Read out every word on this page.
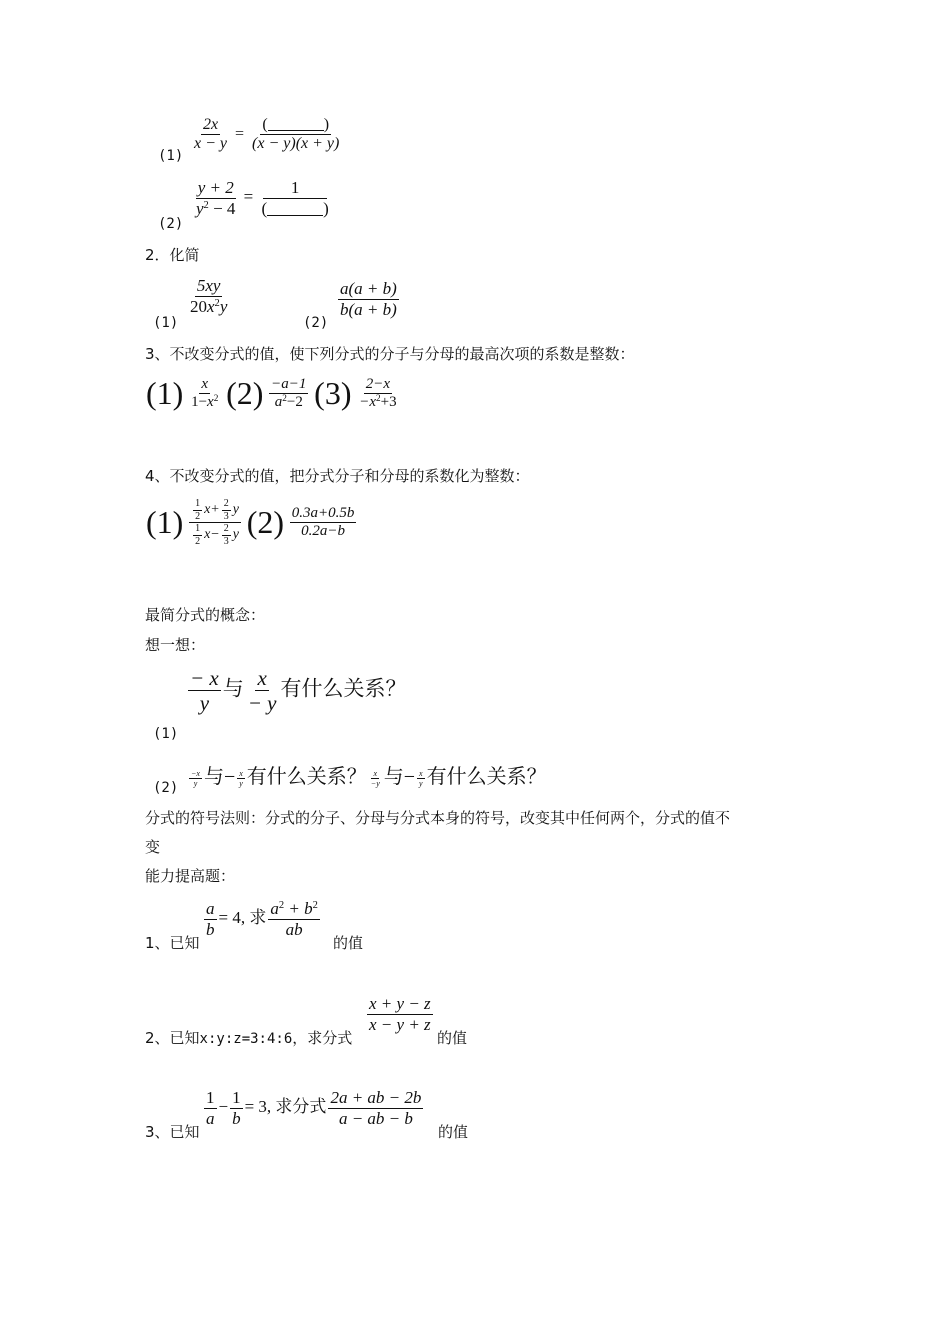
$\frac{2x}{x - y}$ = (	)
(x − y)(x + y)
(1)
$\frac{y + 2}{y^2 - 4} = 1$
(	)
(2)
2．化简
$\frac{5xy}{20x^2y}$
(1)
$\frac{a(a + b)}{b(a + b)}$
(2)
3、不改变分式的值，使下列分式的分子与分母的最高次项的系数是整数：
$(1) \frac{x}{1-x^2} (2) \frac{-a-1}{a^2-2} (3) \frac{2-x}{-x^2+3}$
4、不改变分式的值，把分式分子和分母的系数化为整数：
$(1) \frac{\frac{1}{2} x+ \frac{2}{3} y}{\frac{1}{2} x- \frac{2}{3} y} (2) \frac{0.3a+0.5b}{0.2a-b}$
最简分式的概念：
想一想：
$\frac{- x}{y}$ 与 $\frac{x}{- y}$ 有什么关系？
(1)
$(2) \frac{-x}{y}$ 与− $\frac{x}{y}$ 有什么关系？ $\frac{x}{-y}$ 与− $\frac{x}{y}$ 有什么关系？
分式的符号法则：分式的分子、分母与分式本身的符号，改变其中任何两个，分式的值不
变
能力提高题：
1、已知
$\frac{a}{b} = 4$, 求 $\frac{a^2 + b^2}{ab}$
的值
2、已知x:y:z=3:4:6，求分式
$\frac{x + y - z}{x - y + z}$
的值
3、已知
$\frac{1}{a} - \frac{1}{b} = 3$, 求分式 $\frac{2a + ab - 2b}{a - ab - b}$
的值
